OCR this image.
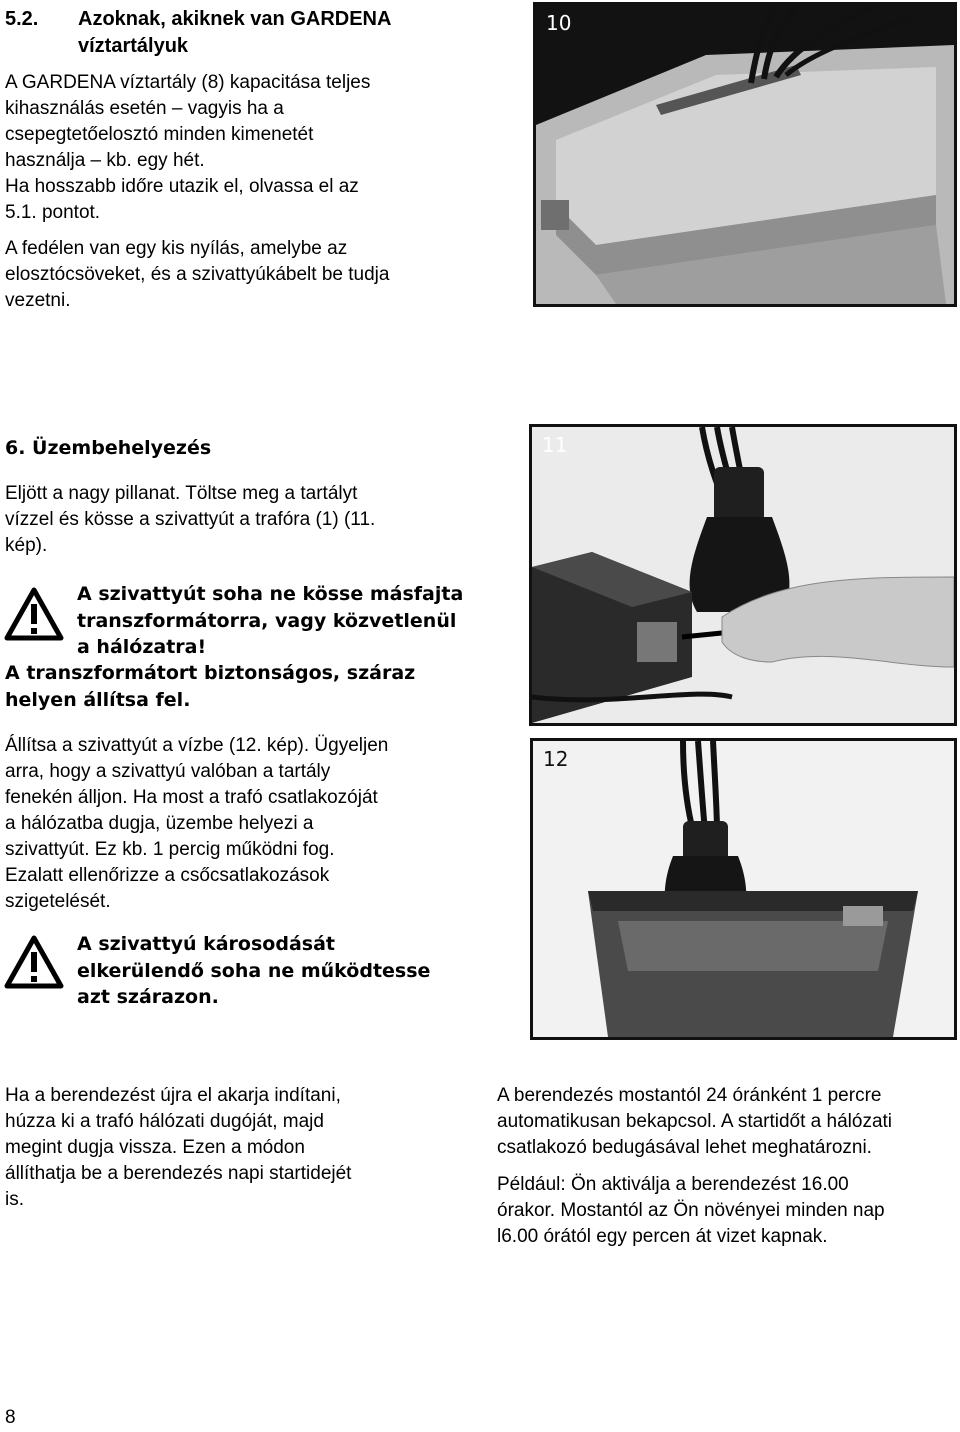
5.2. Azoknak, akiknek van GARDENA
víztartályuk
A GARDENA víztartály (8) kapacitása teljes
kihasználás esetén – vagyis ha a
csepegtetőelosztó minden kimenetét
használja – kb. egy hét.
Ha hosszabb időre utazik el, olvassa el az
5.1. pontot.
A fedélen van egy kis nyílás, amelybe az
elosztócsöveket, és a szivattyúkábelt be tudja
vezetni.
10
6. Üzembehelyezés
Eljött a nagy pillanat. Töltse meg a tartályt
vízzel és kösse a szivattyút a trafóra (1) (11.
kép).
A szivattyút soha ne kösse másfajta
transzformátorra, vagy közvetlenül
a hálózatra!
A transzformátort biztonságos, száraz
helyen állítsa fel.
Állítsa a szivattyút a vízbe (12. kép). Ügyeljen
arra, hogy a szivattyú valóban a tartály
fenekén álljon. Ha most a trafó csatlakozóját
a hálózatba dugja, üzembe helyezi a
szivattyút. Ez kb. 1 percig működni fog.
Ezalatt ellenőrizze a csőcsatlakozások
szigetelését.
A szivattyú károsodását
elkerülendő soha ne működtesse
azt szárazon.
11
12
Ha a berendezést újra el akarja indítani,
húzza ki a trafó hálózati dugóját, majd
megint dugja vissza. Ezen a módon
állíthatja be a berendezés napi startidejét
is.
A berendezés mostantól 24 óránként 1 percre
automatikusan bekapcsol. A startidőt a hálózati
csatlakozó bedugásával lehet meghatározni.
Például: Ön aktiválja a berendezést 16.00
órakor. Mostantól az Ön növényei minden nap
l6.00 órától egy percen át vizet kapnak.
8
